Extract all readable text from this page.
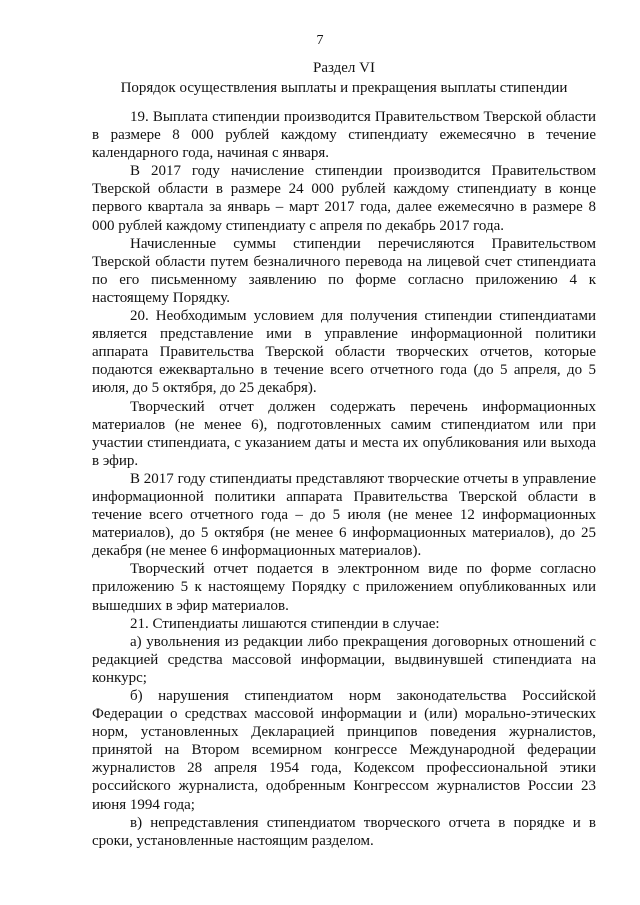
7
Раздел VI
Порядок осуществления выплаты и прекращения выплаты стипендии

19. Выплата стипендии производится Правительством Тверской области в размере 8 000 рублей каждому стипендиату ежемесячно в течение календарного года, начиная с января.

В 2017 году начисление стипендии производится Правительством Тверской области в размере 24 000 рублей каждому стипендиату в конце первого квартала за январь – март 2017 года, далее ежемесячно в размере 8 000 рублей каждому стипендиату с апреля по декабрь 2017 года.

Начисленные суммы стипендии перечисляются Правительством Тверской области путем безналичного перевода на лицевой счет стипендиата по его письменному заявлению по форме согласно приложению 4 к настоящему Порядку.

20. Необходимым условием для получения стипендии стипендиатами является представление ими в управление информационной политики аппарата Правительства Тверской области творческих отчетов, которые подаются ежеквартально в течение всего отчетного года (до 5 апреля, до 5 июля, до 5 октября, до 25 декабря).

Творческий отчет должен содержать перечень информационных материалов (не менее 6), подготовленных самим стипендиатом или при участии стипендиата, с указанием даты и места их опубликования или выхода в эфир.

В 2017 году стипендиаты представляют творческие отчеты в управление информационной политики аппарата Правительства Тверской области в течение всего отчетного года – до 5 июля (не менее 12 информационных материалов), до 5 октября (не менее 6 информационных материалов), до 25 декабря (не менее 6 информационных материалов).

Творческий отчет подается в электронном виде по форме согласно приложению 5 к настоящему Порядку с приложением опубликованных или вышедших в эфир материалов.

21. Стипендиаты лишаются стипендии в случае:

а) увольнения из редакции либо прекращения договорных отношений с редакцией средства массовой информации, выдвинувшей стипендиата на конкурс;

б) нарушения стипендиатом норм законодательства Российской Федерации о средствах массовой информации и (или) морально-этических норм, установленных Декларацией принципов поведения журналистов, принятой на Втором всемирном конгрессе Международной федерации журналистов 28 апреля 1954 года, Кодексом профессиональной этики российского журналиста, одобренным Конгрессом журналистов России 23 июня 1994 года;

в) непредставления стипендиатом творческого отчета в порядке и в сроки, установленные настоящим разделом.
